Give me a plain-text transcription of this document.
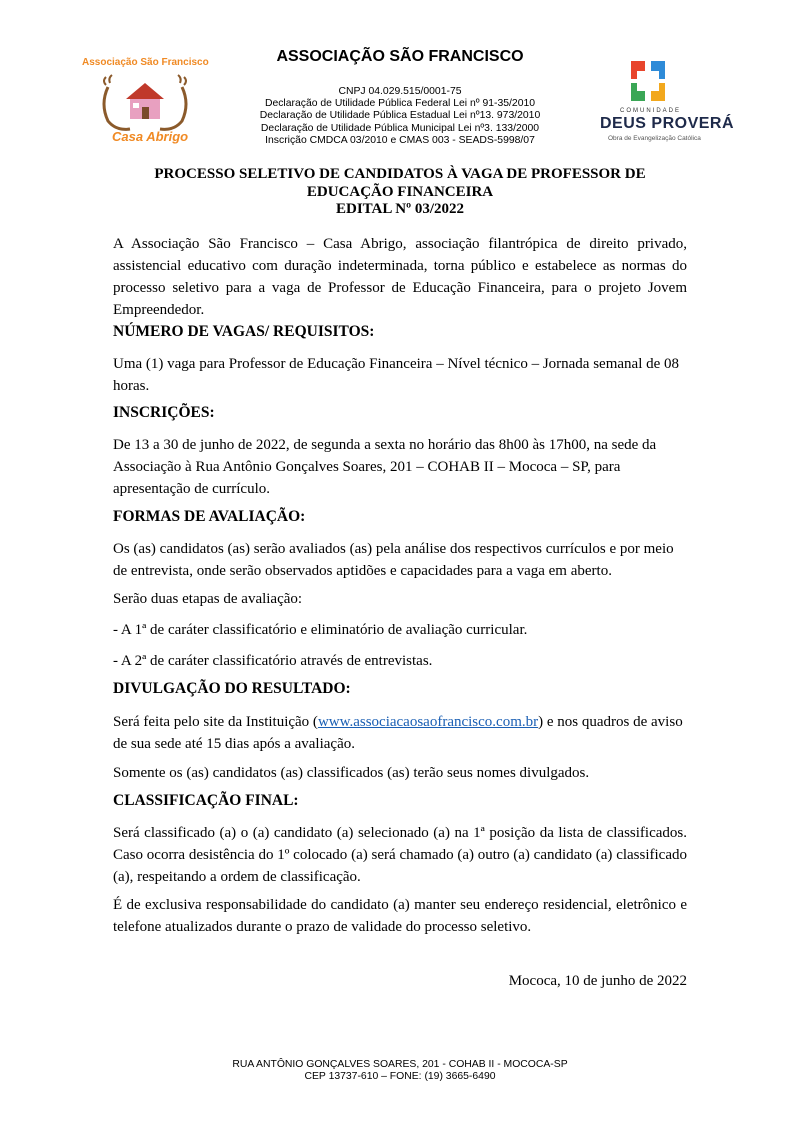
Associação São Francisco
Casa Abrigo
ASSOCIAÇÃO SÃO FRANCISCO
CNPJ 04.029.515/0001-75
Declaração de Utilidade Pública Federal Lei nº 91-35/2010
Declaração de Utilidade Pública Estadual Lei nº13. 973/2010
Declaração de Utilidade Pública Municipal Lei nº3. 133/2000
Inscrição CMDCA 03/2010 e CMAS 003 - SEADS-5998/07
COMUNIDADE
DEUS PROVERÁ
Obra de Evangelização Católica
PROCESSO SELETIVO DE CANDIDATOS À VAGA DE PROFESSOR DE
EDUCAÇÃO FINANCEIRA
EDITAL Nº 03/2022
A Associação São Francisco – Casa Abrigo, associação filantrópica de direito privado, assistencial educativo com duração indeterminada, torna público e estabelece as normas do processo seletivo para a vaga de Professor de Educação Financeira, para o projeto Jovem Empreendedor.
NÚMERO DE VAGAS/ REQUISITOS:
Uma (1) vaga para Professor de Educação Financeira – Nível técnico – Jornada semanal de 08 horas.
INSCRIÇÕES:
De 13 a 30 de junho de 2022, de segunda a sexta no horário das 8h00 às 17h00, na sede da Associação à Rua Antônio Gonçalves Soares, 201 – COHAB II – Mococa – SP, para apresentação de currículo.
FORMAS DE AVALIAÇÃO:
Os (as) candidatos (as) serão avaliados (as) pela análise dos respectivos currículos e por meio de entrevista, onde serão observados aptidões e capacidades para a vaga em aberto.
Serão duas etapas de avaliação:
- A 1ª de caráter classificatório e eliminatório de avaliação curricular.
- A 2ª de caráter classificatório através de entrevistas.
DIVULGAÇÃO DO RESULTADO:
Será feita pelo site da Instituição (www.associacaosaofrancisco.com.br) e nos quadros de aviso de sua sede até 15 dias após a avaliação.
Somente os (as) candidatos (as) classificados (as) terão seus nomes divulgados.
CLASSIFICAÇÃO FINAL:
Será classificado (a) o (a) candidato (a) selecionado (a) na 1ª posição da lista de classificados. Caso ocorra desistência do 1º colocado (a) será chamado (a) outro (a) candidato (a) classificado (a), respeitando a ordem de classificação.
É de exclusiva responsabilidade do candidato (a) manter seu endereço residencial, eletrônico e telefone atualizados durante o prazo de validade do processo seletivo.
Mococa, 10 de junho de 2022
RUA ANTÔNIO GONÇALVES SOARES, 201 - COHAB II - MOCOCA-SP
CEP 13737-610 – FONE: (19) 3665-6490
